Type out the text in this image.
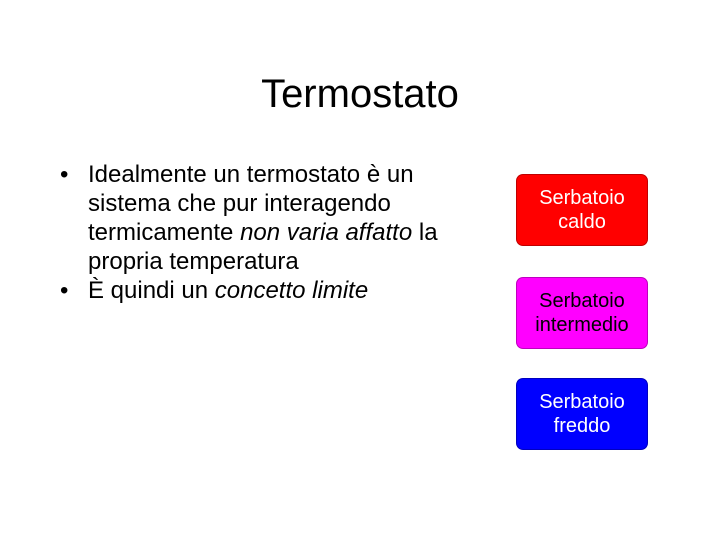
Termostato
• Idealmente un termostato è un sistema che pur interagendo termicamente non varia affatto la propria temperatura
• È quindi un concetto limite
Serbatoio
caldo
Serbatoio
intermedio
Serbatoio
freddo
